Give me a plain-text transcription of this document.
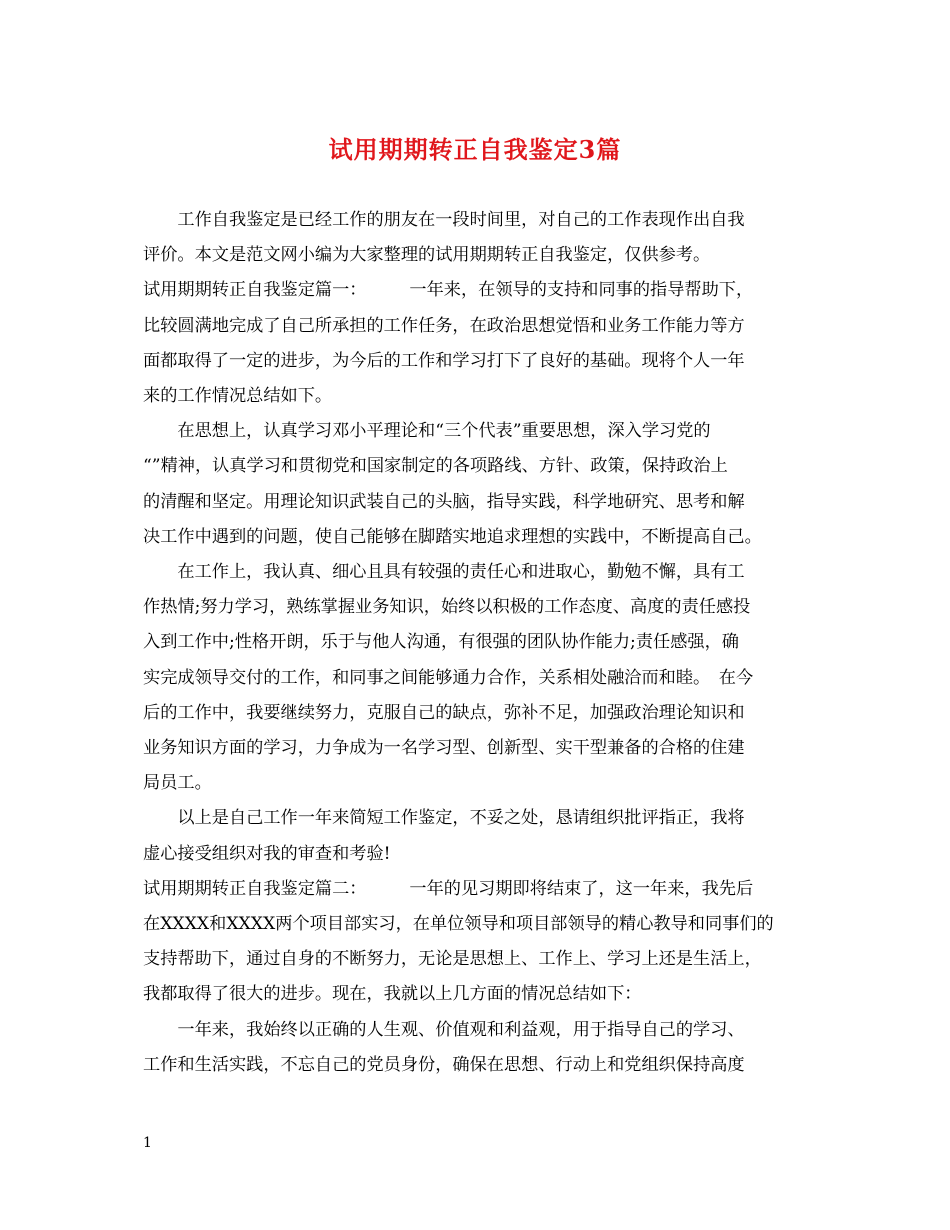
试用期期转正自我鉴定3篇
　　工作自我鉴定是已经工作的朋友在一段时间里，对自己的工作表现作出自我
评价。本文是范文网小编为大家整理的试用期期转正自我鉴定，仅供参考。
试用期期转正自我鉴定篇一：　　　一年来，在领导的支持和同事的指导帮助下，
比较圆满地完成了自己所承担的工作任务，在政治思想觉悟和业务工作能力等方
面都取得了一定的进步，为今后的工作和学习打下了良好的基础。现将个人一年
来的工作情况总结如下。
　　在思想上，认真学习邓小平理论和“三个代表”重要思想，深入学习党的
“”精神，认真学习和贯彻党和国家制定的各项路线、方针、政策，保持政治上
的清醒和坚定。用理论知识武装自己的头脑，指导实践，科学地研究、思考和解
决工作中遇到的问题，使自己能够在脚踏实地追求理想的实践中，不断提高自己。
　　在工作上，我认真、细心且具有较强的责任心和进取心，勤勉不懈，具有工
作热情;努力学习，熟练掌握业务知识，始终以积极的工作态度、高度的责任感投
入到工作中;性格开朗，乐于与他人沟通，有很强的团队协作能力;责任感强，确
实完成领导交付的工作，和同事之间能够通力合作，关系相处融洽而和睦。　在今
后的工作中，我要继续努力，克服自己的缺点，弥补不足，加强政治理论知识和
业务知识方面的学习，力争成为一名学习型、创新型、实干型兼备的合格的住建
局员工。
　　以上是自己工作一年来简短工作鉴定，不妥之处，恳请组织批评指正，我将
虚心接受组织对我的审查和考验!
试用期期转正自我鉴定篇二：　　　一年的见习期即将结束了，这一年来，我先后
在XXXX和XXXX两个项目部实习，在单位领导和项目部领导的精心教导和同事们的
支持帮助下，通过自身的不断努力，无论是思想上、工作上、学习上还是生活上，
我都取得了很大的进步。现在，我就以上几方面的情况总结如下：
　　一年来，我始终以正确的人生观、价值观和利益观，用于指导自己的学习、
工作和生活实践，不忘自己的党员身份，确保在思想、行动上和党组织保持高度
1
